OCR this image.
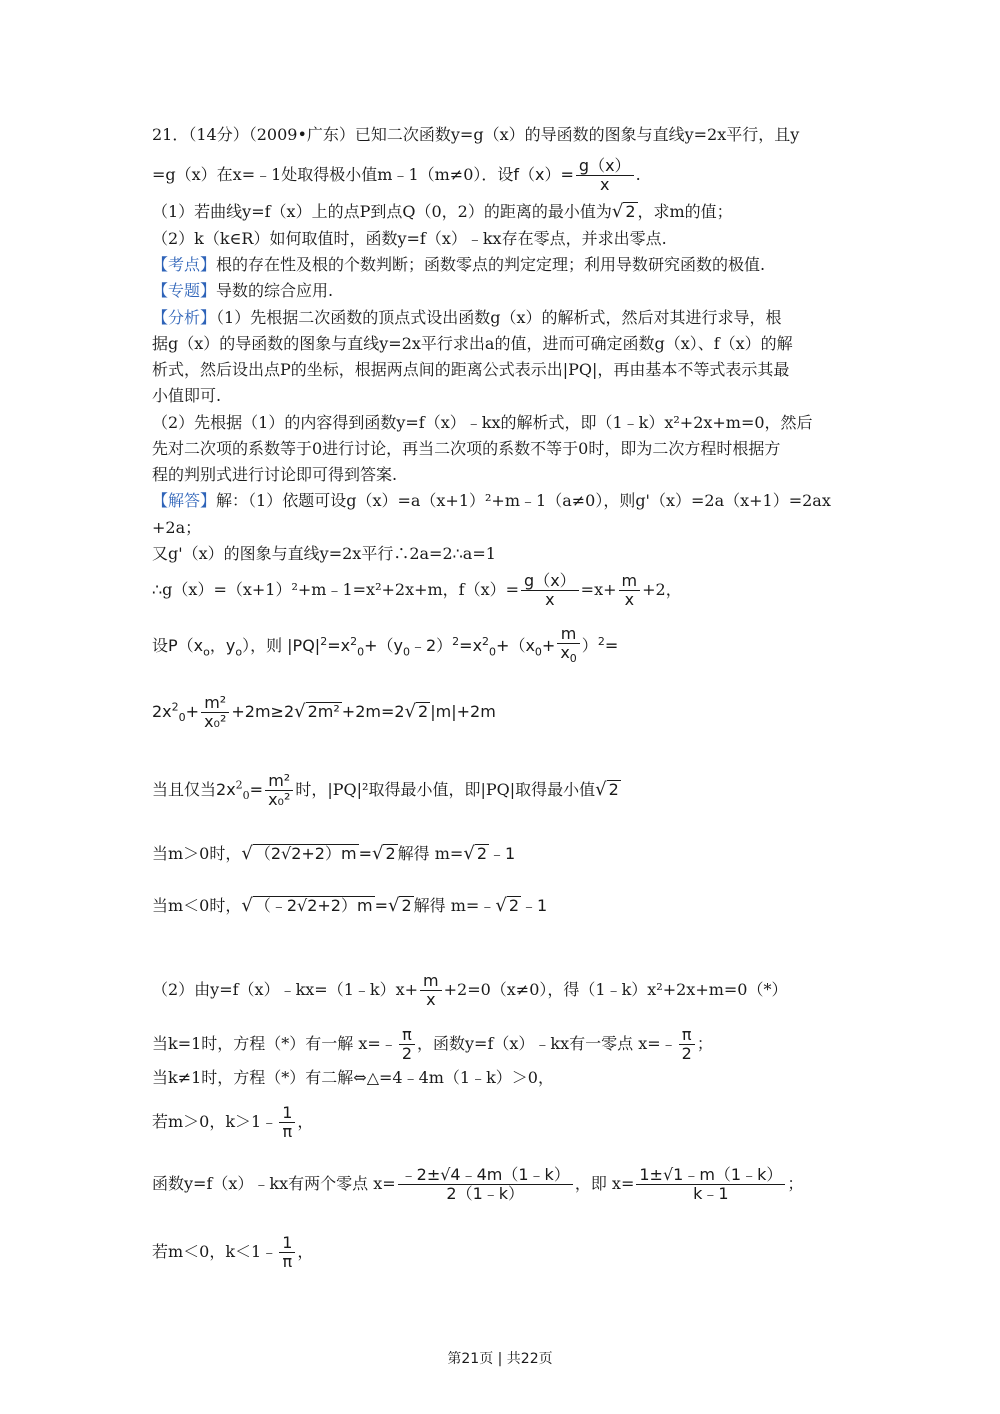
21．（14分）（2009•广东）已知二次函数y=g（x）的导函数的图象与直线y=2x平行，且y
=g（x）在x=﹣1处取得极小值m﹣1（m≠0）．设$f(x)= \frac{g(x)}{x}$ .
（1）若曲线y=f（x）上的点P到点Q（0，2）的距离的最小值为√ 2 ，求m的值；
（2）k（k∈R）如何取值时，函数y=f（x）﹣kx存在零点，并求出零点.
【考点】根的存在性及根的个数判断；函数零点的判定定理；利用导数研究函数的极值.
【专题】导数的综合应用.
【分析】（1）先根据二次函数的顶点式设出函数g（x）的解析式，然后对其进行求导，根
据g（x）的导函数的图象与直线y=2x平行求出a的值，进而可确定函数g（x）、f（x）的解
析式，然后设出点P的坐标，根据两点间的距离公式表示出|PQ|，再由基本不等式表示其最
小值即可.
（2）先根据（1）的内容得到函数y=f（x）﹣kx的解析式，即（1﹣k）x²+2x+m=0，然后
先对二次项的系数等于0进行讨论，再当二次项的系数不等于0时，即为二次方程时根据方
程的判别式进行讨论即可得到答案.
【解答】解：（1）依题可设g（x）=a（x+1）²+m﹣1（a≠0），则g'（x）=2a（x+1）=2ax
+2a；
又g'（x）的图象与直线y=2x平行∴2a=2∴a=1
∴g（x）=（x+1）²+m﹣1=x²+2x+m，$f(x)= \frac{g(x)}{x} =x+ \frac{m}{x} +2$，
设$P(x_o$，$y_o$），则 $|PQ|^2=x^2_0+(y_0﹣2)^2=x^2_0+(x_0+ \frac{m}{x_0} )^2=$
$2x^2_0+ \frac{\text{m²}}{\text{x₀²}} +2m\ge 2√$ 2m² +2m=2√ 2 |m|+2m
当且仅当$2x^2_0= \frac{\text{m²}}{\text{x₀²}}$ 时，|PQ|²取得最小值，即|PQ|取得最小值√ 2
当m＞0时，√ （2√2+2）m =√ 2 解得 m=√ 2 ﹣1
当m＜0时，√ （﹣2√2+2）m =√ 2 解得 m=﹣√ 2 ﹣1
（2）由y=f（x）﹣kx=（1﹣k）x+ $\frac{m}{x} +2=0(x\ne 0)$，得（1﹣k）x²+2x+m=0（*）
当k=1时，方程（*）有一解 x=﹣ $\frac{\pi}{2}$ ，函数y=f（x）﹣kx有一零点 x=﹣ $\frac{\pi}{2}$ ；
当k≠1时，方程（*）有二解⇔△=4﹣4m（1﹣k）＞0，
若m＞0，k＞1﹣ $\frac{1}{\pi}$ ，
函数y=f（x）﹣kx有两个零点 $x= \frac{﹣2\pm√4﹣4m(1﹣k)}{2(1﹣k)}$ ，即 $x= \frac{1\pm√1﹣m(1﹣k)}{k﹣1}$ ；
若m＜0，k＜1﹣ $\frac{1}{\pi}$ ，
第21页 | 共22页
